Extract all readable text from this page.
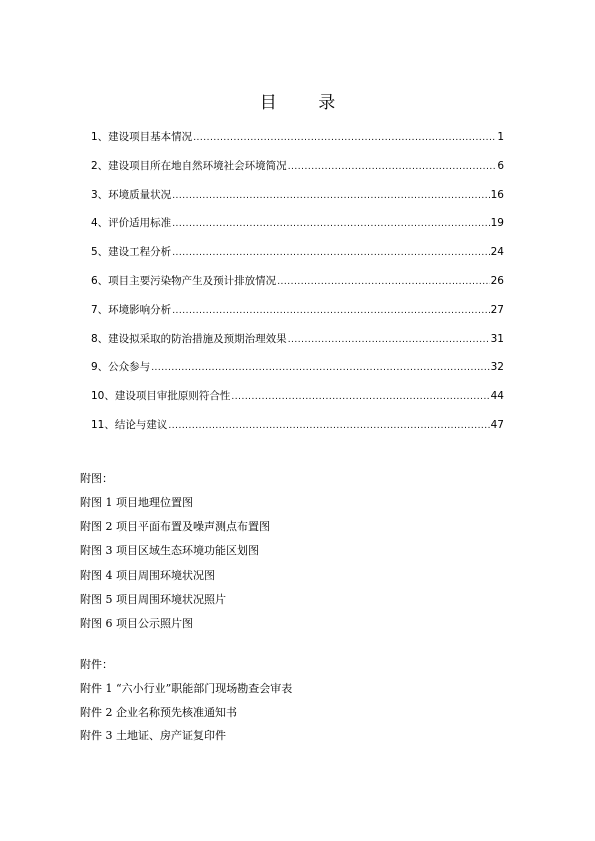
目 录
1、建设项目基本情况 .....	1
2、建设项目所在地自然环境社会环境简况 .....	6
3、环境质量状况 .....	16
4、评价适用标准 .....	19
5、建设工程分析 .....	24
6、项目主要污染物产生及预计排放情况 .....	26
7、环境影响分析 .....	27
8、建设拟采取的防治措施及预期治理效果 .....	31
9、公众参与 .....	32
10、建设项目审批原则符合性 .....	44
11、结论与建议 .....	47
附图：
附图 1 项目地理位置图
附图 2 项目平面布置及噪声测点布置图
附图 3 项目区域生态环境功能区划图
附图 4 项目周围环境状况图
附图 5 项目周围环境状况照片
附图 6 项目公示照片图
附件：
附件 1 “六小行业”职能部门现场勘查会审表
附件 2 企业名称预先核准通知书
附件 3 土地证、房产证复印件
